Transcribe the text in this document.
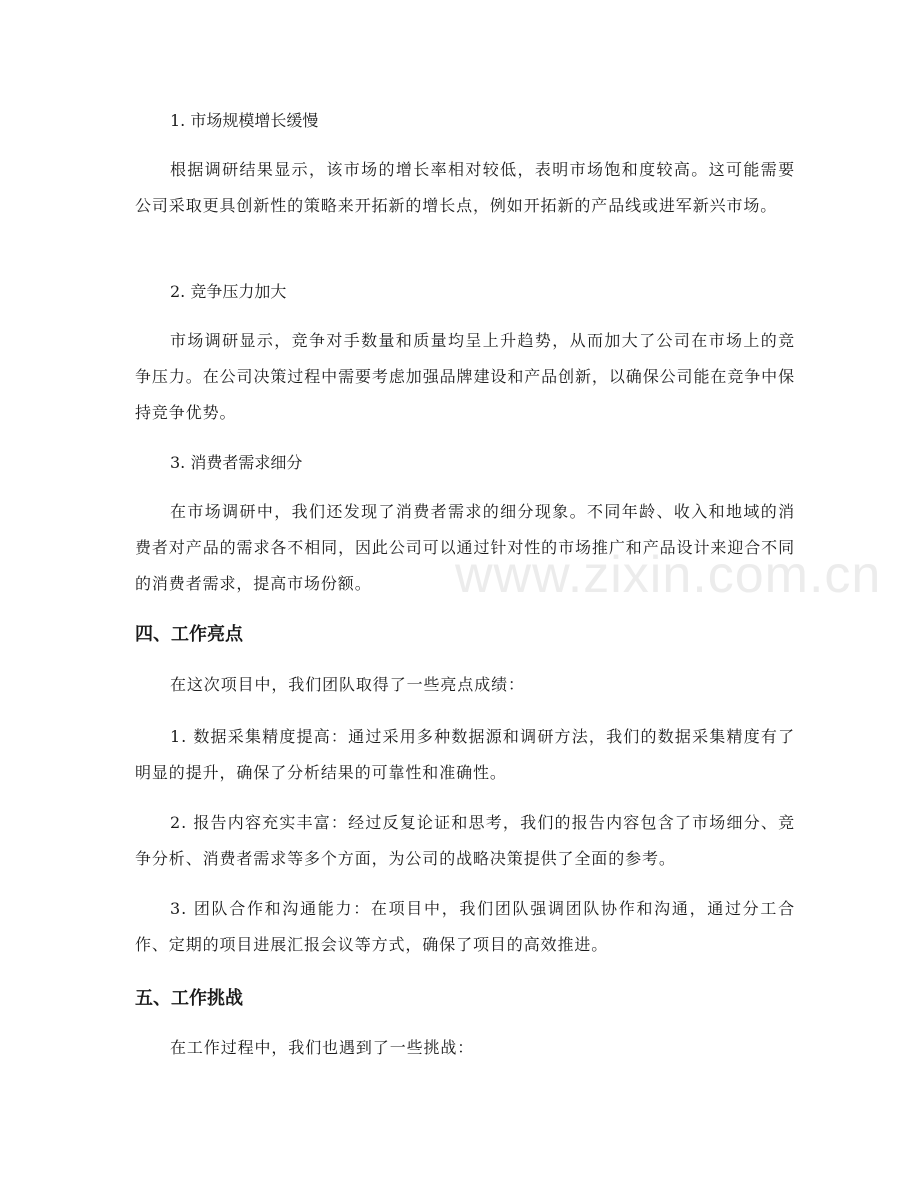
www.zixin.com.cn
1. 市场规模增长缓慢
根据调研结果显示，该市场的增长率相对较低，表明市场饱和度较高。这可能需要公司采取更具创新性的策略来开拓新的增长点，例如开拓新的产品线或进军新兴市场。
2. 竞争压力加大
市场调研显示，竞争对手数量和质量均呈上升趋势，从而加大了公司在市场上的竞争压力。在公司决策过程中需要考虑加强品牌建设和产品创新，以确保公司能在竞争中保持竞争优势。
3. 消费者需求细分
在市场调研中，我们还发现了消费者需求的细分现象。不同年龄、收入和地域的消费者对产品的需求各不相同，因此公司可以通过针对性的市场推广和产品设计来迎合不同的消费者需求，提高市场份额。
四、工作亮点
在这次项目中，我们团队取得了一些亮点成绩：
1. 数据采集精度提高：通过采用多种数据源和调研方法，我们的数据采集精度有了明显的提升，确保了分析结果的可靠性和准确性。
2. 报告内容充实丰富：经过反复论证和思考，我们的报告内容包含了市场细分、竞争分析、消费者需求等多个方面，为公司的战略决策提供了全面的参考。
3. 团队合作和沟通能力：在项目中，我们团队强调团队协作和沟通，通过分工合作、定期的项目进展汇报会议等方式，确保了项目的高效推进。
五、工作挑战
在工作过程中，我们也遇到了一些挑战：
